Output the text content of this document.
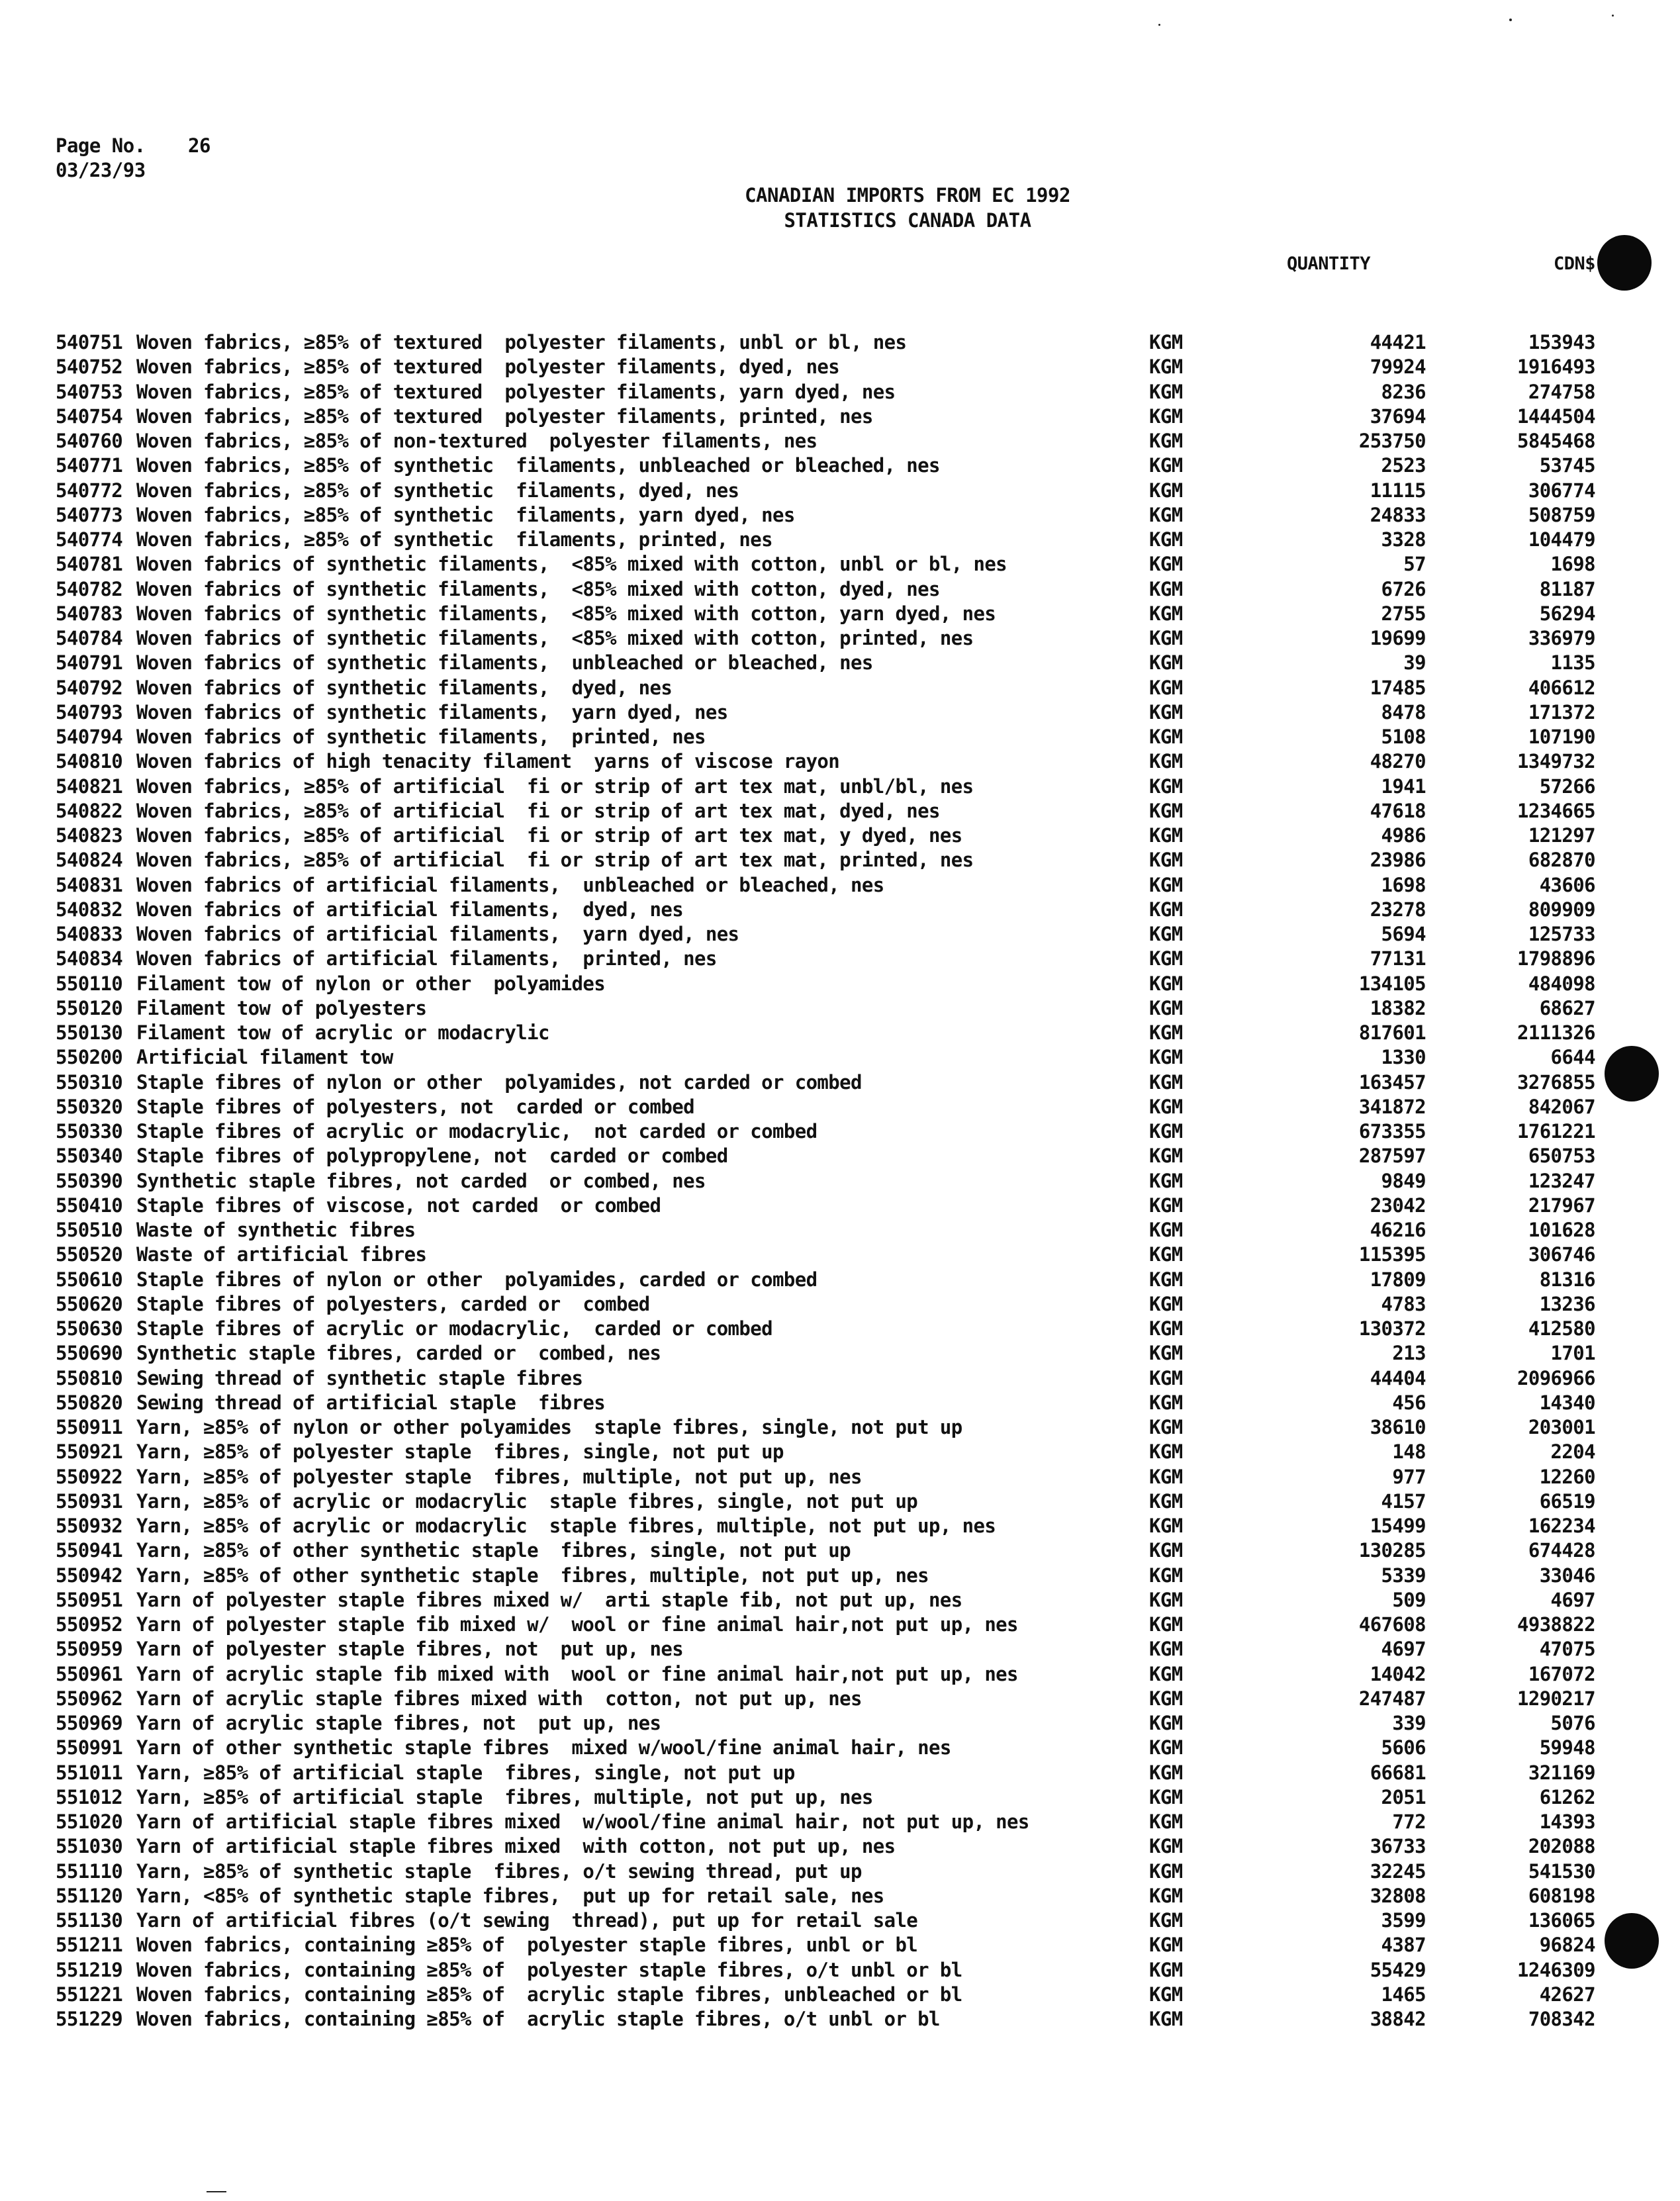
Page No. 26
03/23/93
CANADIAN IMPORTS FROM EC 1992
STATISTICS CANADA DATA
QUANTITY	CDN$
540751 Woven fabrics, ≥85% of textured  polyester filaments, unbl or bl, nes	KGM	44421	153943
540752 Woven fabrics, ≥85% of textured  polyester filaments, dyed, nes	KGM	79924	1916493
540753 Woven fabrics, ≥85% of textured  polyester filaments, yarn dyed, nes	KGM	8236	274758
540754 Woven fabrics, ≥85% of textured  polyester filaments, printed, nes	KGM	37694	1444504
540760 Woven fabrics, ≥85% of non-textured  polyester filaments, nes	KGM	253750	5845468
540771 Woven fabrics, ≥85% of synthetic  filaments, unbleached or bleached, nes	KGM	2523	53745
540772 Woven fabrics, ≥85% of synthetic  filaments, dyed, nes	KGM	11115	306774
540773 Woven fabrics, ≥85% of synthetic  filaments, yarn dyed, nes	KGM	24833	508759
540774 Woven fabrics, ≥85% of synthetic  filaments, printed, nes	KGM	3328	104479
540781 Woven fabrics of synthetic filaments,  <85% mixed with cotton, unbl or bl, nes	KGM	57	1698
540782 Woven fabrics of synthetic filaments,  <85% mixed with cotton, dyed, nes	KGM	6726	81187
540783 Woven fabrics of synthetic filaments,  <85% mixed with cotton, yarn dyed, nes	KGM	2755	56294
540784 Woven fabrics of synthetic filaments,  <85% mixed with cotton, printed, nes	KGM	19699	336979
540791 Woven fabrics of synthetic filaments,  unbleached or bleached, nes	KGM	39	1135
540792 Woven fabrics of synthetic filaments,  dyed, nes	KGM	17485	406612
540793 Woven fabrics of synthetic filaments,  yarn dyed, nes	KGM	8478	171372
540794 Woven fabrics of synthetic filaments,  printed, nes	KGM	5108	107190
540810 Woven fabrics of high tenacity filament  yarns of viscose rayon	KGM	48270	1349732
540821 Woven fabrics, ≥85% of artificial  fi or strip of art tex mat, unbl/bl, nes	KGM	1941	57266
540822 Woven fabrics, ≥85% of artificial  fi or strip of art tex mat, dyed, nes	KGM	47618	1234665
540823 Woven fabrics, ≥85% of artificial  fi or strip of art tex mat, y dyed, nes	KGM	4986	121297
540824 Woven fabrics, ≥85% of artificial  fi or strip of art tex mat, printed, nes	KGM	23986	682870
540831 Woven fabrics of artificial filaments,  unbleached or bleached, nes	KGM	1698	43606
540832 Woven fabrics of artificial filaments,  dyed, nes	KGM	23278	809909
540833 Woven fabrics of artificial filaments,  yarn dyed, nes	KGM	5694	125733
540834 Woven fabrics of artificial filaments,  printed, nes	KGM	77131	1798896
550110 Filament tow of nylon or other  polyamides	KGM	134105	484098
550120 Filament tow of polyesters	KGM	18382	68627
550130 Filament tow of acrylic or modacrylic	KGM	817601	2111326
550200 Artificial filament tow	KGM	1330	6644
550310 Staple fibres of nylon or other  polyamides, not carded or combed	KGM	163457	3276855
550320 Staple fibres of polyesters, not  carded or combed	KGM	341872	842067
550330 Staple fibres of acrylic or modacrylic,  not carded or combed	KGM	673355	1761221
550340 Staple fibres of polypropylene, not  carded or combed	KGM	287597	650753
550390 Synthetic staple fibres, not carded  or combed, nes	KGM	9849	123247
550410 Staple fibres of viscose, not carded  or combed	KGM	23042	217967
550510 Waste of synthetic fibres	KGM	46216	101628
550520 Waste of artificial fibres	KGM	115395	306746
550610 Staple fibres of nylon or other  polyamides, carded or combed	KGM	17809	81316
550620 Staple fibres of polyesters, carded or  combed	KGM	4783	13236
550630 Staple fibres of acrylic or modacrylic,  carded or combed	KGM	130372	412580
550690 Synthetic staple fibres, carded or  combed, nes	KGM	213	1701
550810 Sewing thread of synthetic staple fibres	KGM	44404	2096966
550820 Sewing thread of artificial staple  fibres	KGM	456	14340
550911 Yarn, ≥85% of nylon or other polyamides  staple fibres, single, not put up	KGM	38610	203001
550921 Yarn, ≥85% of polyester staple  fibres, single, not put up	KGM	148	2204
550922 Yarn, ≥85% of polyester staple  fibres, multiple, not put up, nes	KGM	977	12260
550931 Yarn, ≥85% of acrylic or modacrylic  staple fibres, single, not put up	KGM	4157	66519
550932 Yarn, ≥85% of acrylic or modacrylic  staple fibres, multiple, not put up, nes	KGM	15499	162234
550941 Yarn, ≥85% of other synthetic staple  fibres, single, not put up	KGM	130285	674428
550942 Yarn, ≥85% of other synthetic staple  fibres, multiple, not put up, nes	KGM	5339	33046
550951 Yarn of polyester staple fibres mixed w/  arti staple fib, not put up, nes	KGM	509	4697
550952 Yarn of polyester staple fib mixed w/  wool or fine animal hair,not put up, nes	KGM	467608	4938822
550959 Yarn of polyester staple fibres, not  put up, nes	KGM	4697	47075
550961 Yarn of acrylic staple fib mixed with  wool or fine animal hair,not put up, nes	KGM	14042	167072
550962 Yarn of acrylic staple fibres mixed with  cotton, not put up, nes	KGM	247487	1290217
550969 Yarn of acrylic staple fibres, not  put up, nes	KGM	339	5076
550991 Yarn of other synthetic staple fibres  mixed w/wool/fine animal hair, nes	KGM	5606	59948
551011 Yarn, ≥85% of artificial staple  fibres, single, not put up	KGM	66681	321169
551012 Yarn, ≥85% of artificial staple  fibres, multiple, not put up, nes	KGM	2051	61262
551020 Yarn of artificial staple fibres mixed  w/wool/fine animal hair, not put up, nes	KGM	772	14393
551030 Yarn of artificial staple fibres mixed  with cotton, not put up, nes	KGM	36733	202088
551110 Yarn, ≥85% of synthetic staple  fibres, o/t sewing thread, put up	KGM	32245	541530
551120 Yarn, <85% of synthetic staple fibres,  put up for retail sale, nes	KGM	32808	608198
551130 Yarn of artificial fibres (o/t sewing  thread), put up for retail sale	KGM	3599	136065
551211 Woven fabrics, containing ≥85% of  polyester staple fibres, unbl or bl	KGM	4387	96824
551219 Woven fabrics, containing ≥85% of  polyester staple fibres, o/t unbl or bl	KGM	55429	1246309
551221 Woven fabrics, containing ≥85% of  acrylic staple fibres, unbleached or bl	KGM	1465	42627
551229 Woven fabrics, containing ≥85% of  acrylic staple fibres, o/t unbl or bl	KGM	38842	708342
